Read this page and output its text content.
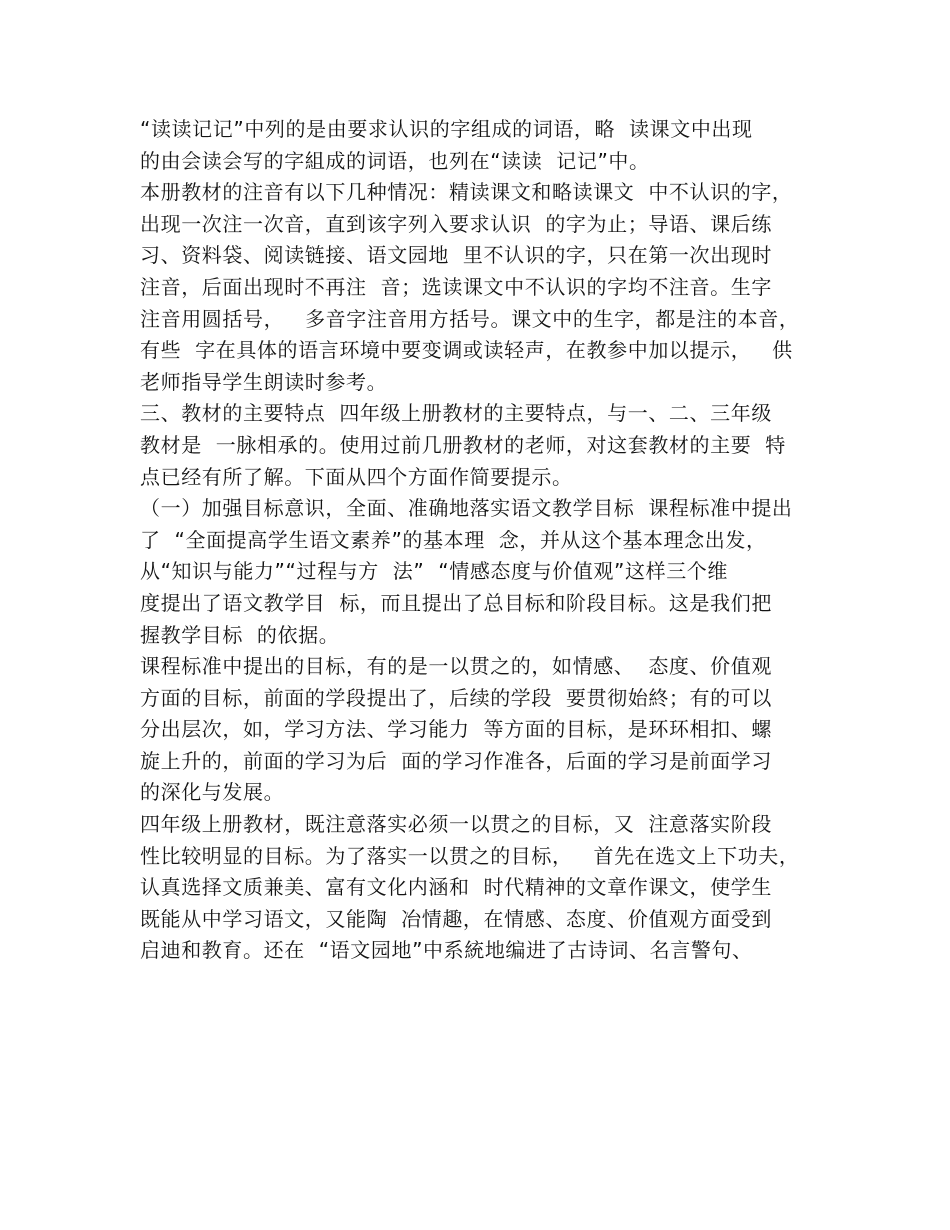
“读读记记”中列的是由要求认识的字组成的词语，略  读课文中出现
的由会读会写的字組成的词语，也列在“读读  记记”中。
本册教材的注音有以下几种情况：精读课文和略读课文  中不认识的字，
出现一次注一次音，直到该字列入要求认识  的字为止；导语、课后练
习、资料袋、阅读链接、语文园地  里不认识的字，只在第一次出现时
注音，后面出现时不再注  音；选读课文中不认识的字均不注音。生字
注音用圆括号，   多音字注音用方括号。课文中的生字，都是注的本音，
有些  字在具体的语言环境中要变调或读轻声，在教参中加以提示，   供
老师指导学生朗读时参考。
三、教材的主要特点  四年级上册教材的主要特点，与一、二、三年级
教材是  一脉相承的。使用过前几册教材的老师，对这套教材的主要  特
点已经有所了解。下面从四个方面作简要提示。
（一）加强目标意识，全面、准确地落实语文教学目标  课程标准中提出
了  “全面提高学生语文素养”的基本理  念，并从这个基本理念出发，
从“知识与能力”“过程与方  法”  “情感态度与价值观”这样三个维
度提出了语文教学目  标，而且提出了总目标和阶段目标。这是我们把
握教学目标  的依据。
课程标准中提出的目标，有的是一以贯之的，如情感、  态度、价值观
方面的目标，前面的学段提出了，后续的学段  要贯彻始終；有的可以
分出层次，如，学习方法、学习能力  等方面的目标，是环环相扣、螺
旋上升的，前面的学习为后  面的学习作准各，后面的学习是前面学习
的深化与发展。
四年级上册教材，既注意落实必须一以贯之的目标，又  注意落实阶段
性比较明显的目标。为了落实一以贯之的目标，   首先在选文上下功夫，
认真选择文质兼美、富有文化内涵和  时代精神的文章作课文，使学生
既能从中学习语文，又能陶  冶情趣，在情感、态度、价值观方面受到
启迪和教育。还在  “语文园地”中系統地编进了古诗词、名言警句、
